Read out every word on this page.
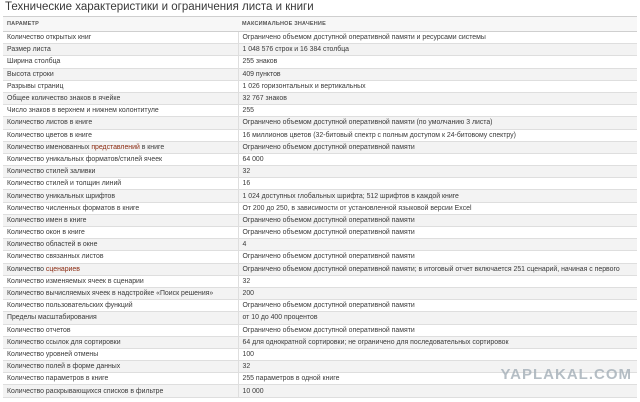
Технические характеристики и ограничения листа и книги
ПАРАМЕТР	МАКСИМАЛЬНОЕ ЗНАЧЕНИЕ
Количество открытых книг	Ограничено объемом доступной оперативной памяти и ресурсами системы
Размер листа	1 048 576 строк и 16 384 столбца
Ширина столбца	255 знаков
Высота строки	409 пунктов
Разрывы страниц	1 026 горизонтальных и вертикальных
Общее количество знаков в ячейке	32 767 знаков
Число знаков в верхнем и нижнем колонтитуле	255
Количество листов в книге	Ограничено объемом доступной оперативной памяти (по умолчанию 3 листа)
Количество цветов в книге	16 миллионов цветов (32-битовый спектр с полным доступом к 24-битовому спектру)
Количество именованных представлений в книге	Ограничено объемом доступной оперативной памяти
Количество уникальных форматов/стилей ячеек	64 000
Количество стилей заливки	32
Количество стилей и толщин линий	16
Количество уникальных шрифтов	1 024 доступных глобальных шрифта; 512 шрифтов в каждой книге
Количество численных форматов в книге	От 200 до 250, в зависимости от установленной языковой версии Excel
Количество имен в книге	Ограничено объемом доступной оперативной памяти
Количество окон в книге	Ограничено объемом доступной оперативной памяти
Количество областей в окне	4
Количество связанных листов	Ограничено объемом доступной оперативной памяти
Количество сценариев	Ограничено объемом доступной оперативной памяти; в итоговый отчет включается 251 сценарий, начиная с первого
Количество изменяемых ячеек в сценарии	32
Количество вычисляемых ячеек в надстройке «Поиск решения»	200
Количество пользовательских функций	Ограничено объемом доступной оперативной памяти
Пределы масштабирования	от 10 до 400 процентов
Количество отчетов	Ограничено объемом доступной оперативной памяти
Количество ссылок для сортировки	64 для однократной сортировки; не ограничено для последовательных сортировок
Количество уровней отмены	100
Количество полей в форме данных	32
Количество параметров в книге	255 параметров в одной книге
Количество раскрывающихся списков в фильтре	10 000
YAPLAKAL.COM
